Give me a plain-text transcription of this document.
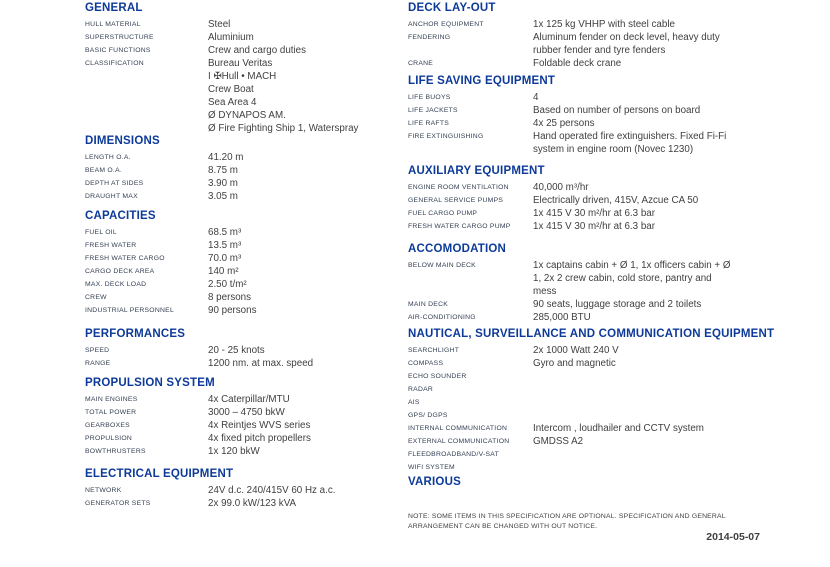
GENERAL
HULL MATERIAL	Steel
SUPERSTRUCTURE	Aluminium
BASIC FUNCTIONS	Crew and cargo duties
CLASSIFICATION	Bureau Veritas
I ✠Hull • MACH
Crew Boat
Sea Area 4
Ø DYNAPOS AM.
Ø Fire Fighting Ship 1, Waterspray
DIMENSIONS
LENGTH O.A.	41.20 m
BEAM O.A.	8.75 m
DEPTH AT SIDES	3.90 m
DRAUGHT MAX	3.05 m
CAPACITIES
FUEL OIL	68.5 m³
FRESH WATER	13.5 m³
FRESH WATER CARGO	70.0 m³
CARGO DECK AREA	140 m²
MAX. DECK LOAD	2.50 t/m²
CREW	8 persons
INDUSTRIAL PERSONNEL	90 persons
PERFORMANCES
SPEED	20 - 25 knots
RANGE	1200 nm. at max. speed
PROPULSION SYSTEM
MAIN ENGINES	4x Caterpillar/MTU
TOTAL POWER	3000 – 4750 bkW
GEARBOXES	4x Reintjes WVS series
PROPULSION	4x fixed pitch propellers
BOWTHRUSTERS	1x 120 bkW
ELECTRICAL EQUIPMENT
NETWORK	24V d.c. 240/415V 60 Hz a.c.
GENERATOR SETS	2x 99.0 kW/123 kVA
DECK LAY-OUT
ANCHOR EQUIPMENT	1x 125 kg VHHP with steel cable
FENDERING	Aluminum fender on deck level, heavy duty
rubber fender and tyre fenders
CRANE	Foldable deck crane
LIFE SAVING EQUIPMENT
LIFE BUOYS	4
LIFE JACKETS	Based on number of persons on board
LIFE RAFTS	4x 25 persons
FIRE EXTINGUISHING	Hand operated fire extinguishers. Fixed Fi-Fi
system in engine room (Novec 1230)
AUXILIARY EQUIPMENT
ENGINE ROOM VENTILATION	40,000 m³/hr
GENERAL SERVICE PUMPS	Electrically driven, 415V, Azcue CA 50
FUEL CARGO PUMP	1x 415 V 30 m²/hr at 6.3 bar
FRESH WATER CARGO PUMP	1x 415 V 30 m²/hr at 6.3 bar
ACCOMODATION
BELOW MAIN DECK	1x captains cabin + Ø 1, 1x officers cabin + Ø
1, 2x 2 crew cabin, cold store, pantry and
mess
MAIN DECK	90 seats, luggage storage and 2 toilets
AIR-CONDITIONING	285,000 BTU
NAUTICAL, SURVEILLANCE AND COMMUNICATION EQUIPMENT
SEARCHLIGHT	2x 1000 Watt 240 V
COMPASS	Gyro and magnetic
ECHO SOUNDER
RADAR
AIS
GPS/ DGPS
INTERNAL COMMUNICATION	Intercom , loudhailer and CCTV system
EXTERNAL COMMUNICATION	GMDSS A2
FLEEDBROADBAND/V-SAT
WIFI SYSTEM
VARIOUS
NOTE: SOME ITEMS IN THIS SPECIFICATION ARE OPTIONAL. SPECIFICATION AND GENERAL
ARRANGEMENT CAN BE CHANGED WITH OUT NOTICE.
2014-05-07
